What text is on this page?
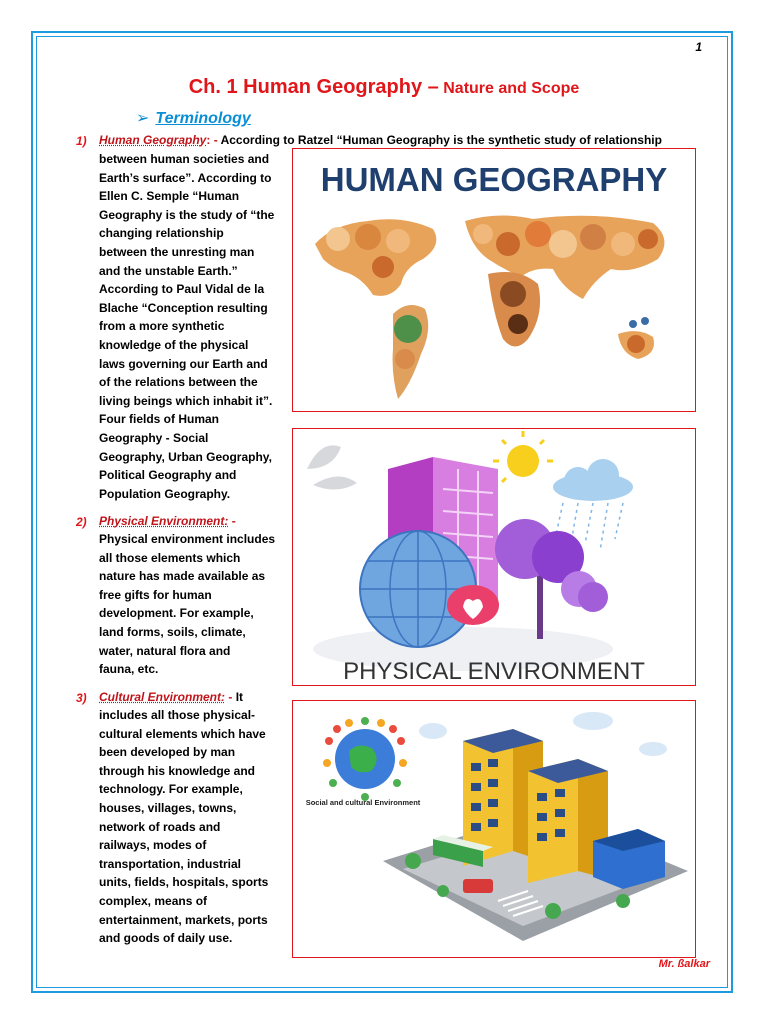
1
Ch. 1 Human Geography – Nature and Scope
➢ Terminology
1) Human Geography: - According to Ratzel “Human Geography is the synthetic study of relationship
between human societies and
Earth’s surface”. According to
Ellen C. Semple “Human
Geography is the study of “the
changing relationship
between the unresting man
and the unstable Earth.”
According to Paul Vidal de la
Blache “Conception resulting
from a more synthetic
knowledge of the physical
laws governing our Earth and
of the relations between the
living beings which inhabit it”.
Four fields of Human
Geography - Social
Geography, Urban Geography,
Political Geography and
Population Geography.
2) Physical Environment: -
Physical environment includes
all those elements which
nature has made available as
free gifts for human
development. For example,
land forms, soils, climate,
water, natural flora and
fauna, etc.
3) Cultural Environment: - It
includes all those physical-
cultural elements which have
been developed by man
through his knowledge and
technology. For example,
houses, villages, towns,
network of roads and
railways, modes of
transportation, industrial
units, fields, hospitals, sports
complex, means of
entertainment, markets, ports
and goods of daily use.
HUMAN GEOGRAPHY
PHYSICAL ENVIRONMENT
Social and cultural Environment
Mr. ßalkar
